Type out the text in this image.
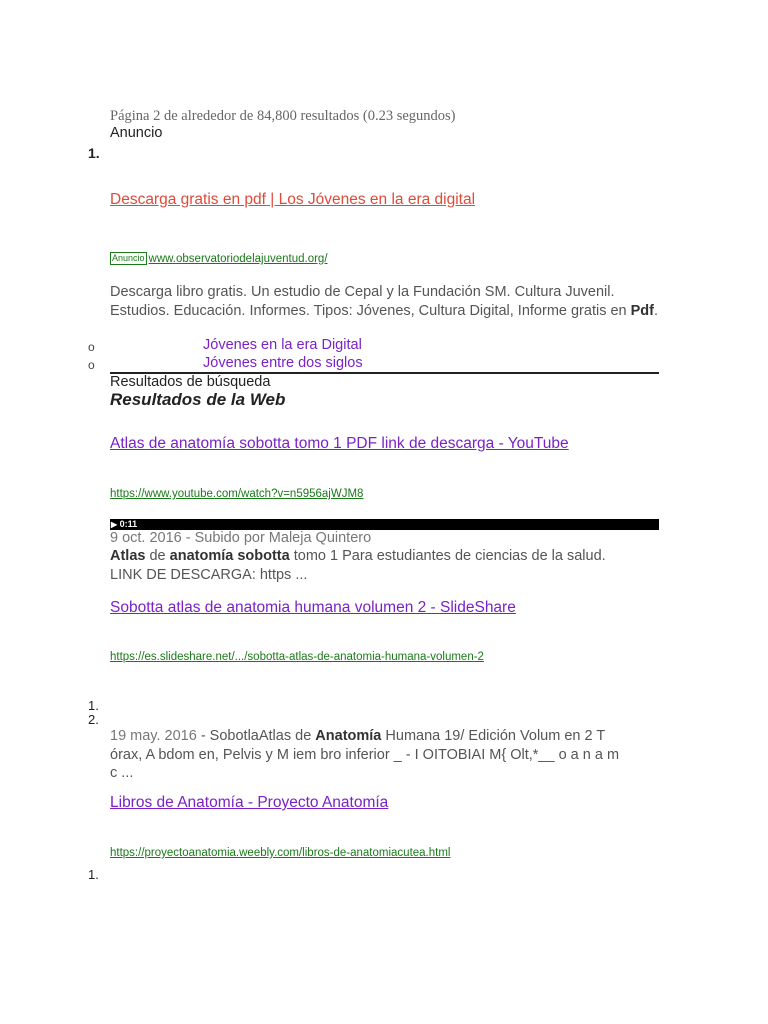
Página 2 de alrededor de 84,800 resultados (0.23 segundos)
Anuncio
1.
Descarga gratis en pdf | Los Jóvenes en la era digital
Anuncio www.observatoriodelajuventud.org/
Descarga libro gratis. Un estudio de Cepal y la Fundación SM. Cultura Juvenil. Estudios. Educación. Informes. Tipos: Jóvenes, Cultura Digital, Informe gratis en Pdf.
o	Jóvenes en la era Digital
o	Jóvenes entre dos siglos
Resultados de búsqueda
Resultados de la Web
Atlas de anatomía sobotta tomo 1 PDF link de descarga - YouTube
https://www.youtube.com/watch?v=n5956ajWJM8
▶ 0:11
9 oct. 2016 - Subido por Maleja Quintero
Atlas de anatomía sobotta tomo 1 Para estudiantes de ciencias de la salud.
LINK DE DESCARGA: https ...
Sobotta atlas de anatomia humana volumen 2 - SlideShare
https://es.slideshare.net/.../sobotta-atlas-de-anatomia-humana-volumen-2
1.
2.
19 may. 2016 - SobotlaAtlas de Anatomía Humana 19/ Edición Volum en 2 T
órax, A bdom en, Pelvis y M iem bro inferior _ - I OITOBIAI M{ Olt,*__ o a n a m
c ...
Libros de Anatomía - Proyecto Anatomía
https://proyectoanatomia.weebly.com/libros-de-anatomiacutea.html
1.
